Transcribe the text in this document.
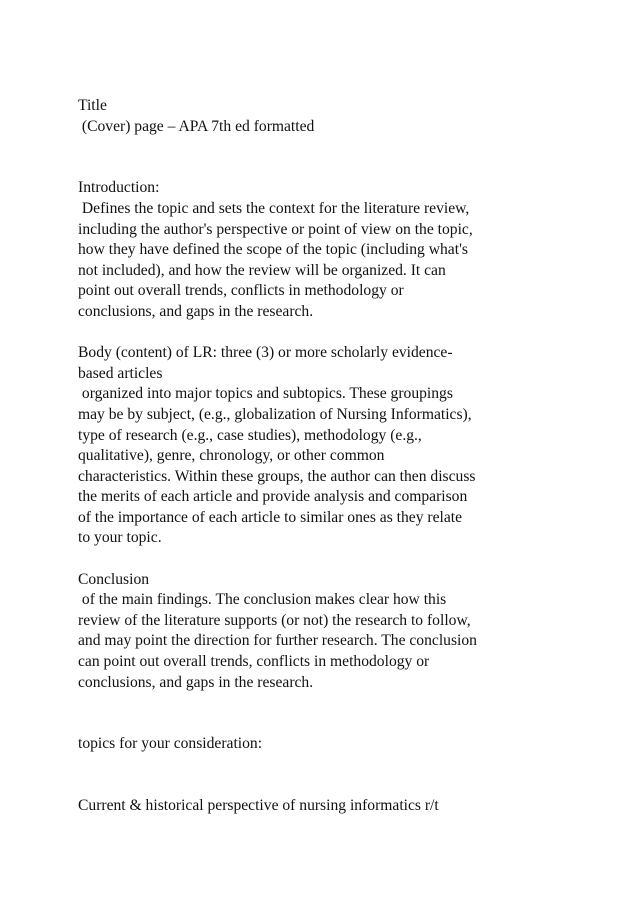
Title
(Cover) page – APA 7th ed formatted
Introduction:
Defines the topic and sets the context for the literature review,
including the author's perspective or point of view on the topic,
how they have defined the scope of the topic (including what's
not included), and how the review will be organized. It can
point out overall trends, conflicts in methodology or
conclusions, and gaps in the research.
Body (content) of LR: three (3) or more scholarly evidence-
based articles
organized into major topics and subtopics. These groupings
may be by subject, (e.g., globalization of Nursing Informatics),
type of research (e.g., case studies), methodology (e.g.,
qualitative), genre, chronology, or other common
characteristics. Within these groups, the author can then discuss
the merits of each article and provide analysis and comparison
of the importance of each article to similar ones as they relate
to your topic.
Conclusion
of the main findings. The conclusion makes clear how this
review of the literature supports (or not) the research to follow,
and may point the direction for further research. The conclusion
can point out overall trends, conflicts in methodology or
conclusions, and gaps in the research.
topics for your consideration:
Current & historical perspective of nursing informatics r/t
